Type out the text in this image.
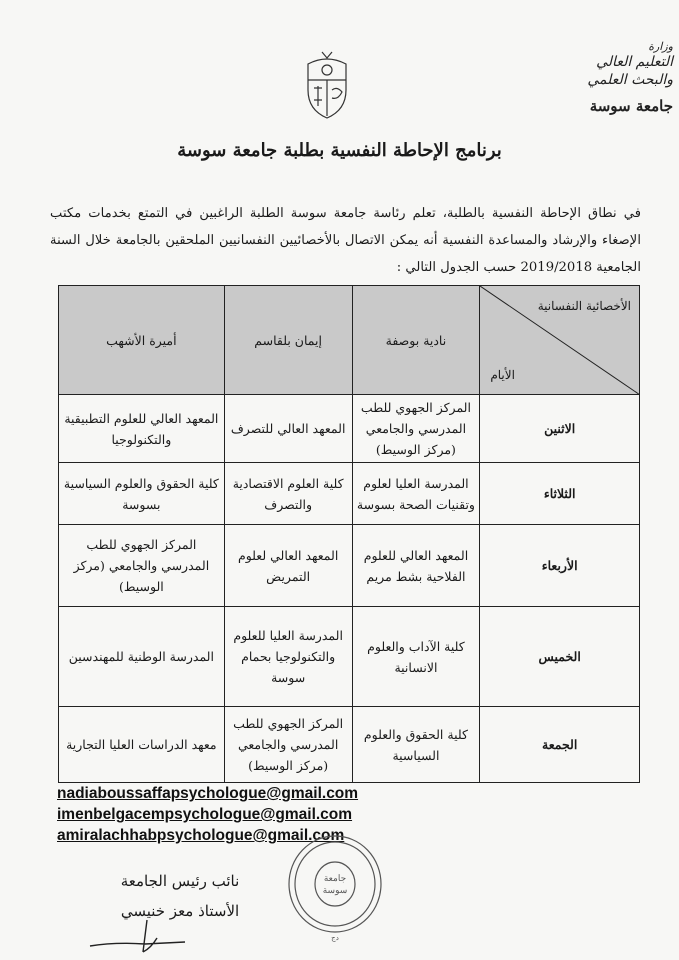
وزارة
التعليم العالي
والبحث العلمي
جامعة سوسة
برنامج الإحاطة النفسية بطلبة جامعة سوسة
في نطاق الإحاطة النفسية بالطلبة، تعلم رئاسة جامعة سوسة الطلبة الراغبين في التمتع بخدمات مكتب الإصغاء والإرشاد والمساعدة النفسية أنه يمكن الاتصال بالأخصائيين النفسانيين الملحقين بالجامعة خلال السنة الجامعية 2019/2018 حسب الجدول التالي :
الأخصائية النفسانية
الأيام	نادية بوصفة	إيمان بلقاسم	أميرة الأشهب
الاثنين	المركز الجهوي للطب المدرسي والجامعي (مركز الوسيط)	المعهد العالي للتصرف	المعهد العالي للعلوم التطبيقية والتكنولوجيا
الثلاثاء	المدرسة العليا لعلوم وتقنيات الصحة بسوسة	كلية العلوم الاقتصادية والتصرف	كلية الحقوق والعلوم السياسية بسوسة
الأربعاء	المعهد العالي للعلوم الفلاحية بشط مريم	المعهد العالي لعلوم التمريض	المركز الجهوي للطب المدرسي والجامعي (مركز الوسيط)
الخميس	كلية الآداب والعلوم الانسانية	المدرسة العليا للعلوم والتكنولوجيا بحمام سوسة	المدرسة الوطنية للمهندسين
الجمعة	كلية الحقوق والعلوم السياسية	المركز الجهوي للطب المدرسي والجامعي (مركز الوسيط)	معهد الدراسات العليا التجارية
nadiaboussaffapsychologue@gmail.com
imenbelgacempsychologue@gmail.com
amiralachhabpsychologue@gmail.com
نائب رئيس الجامعة
الأستاذ معز خنيسي
جامعة
سوسة
دج
